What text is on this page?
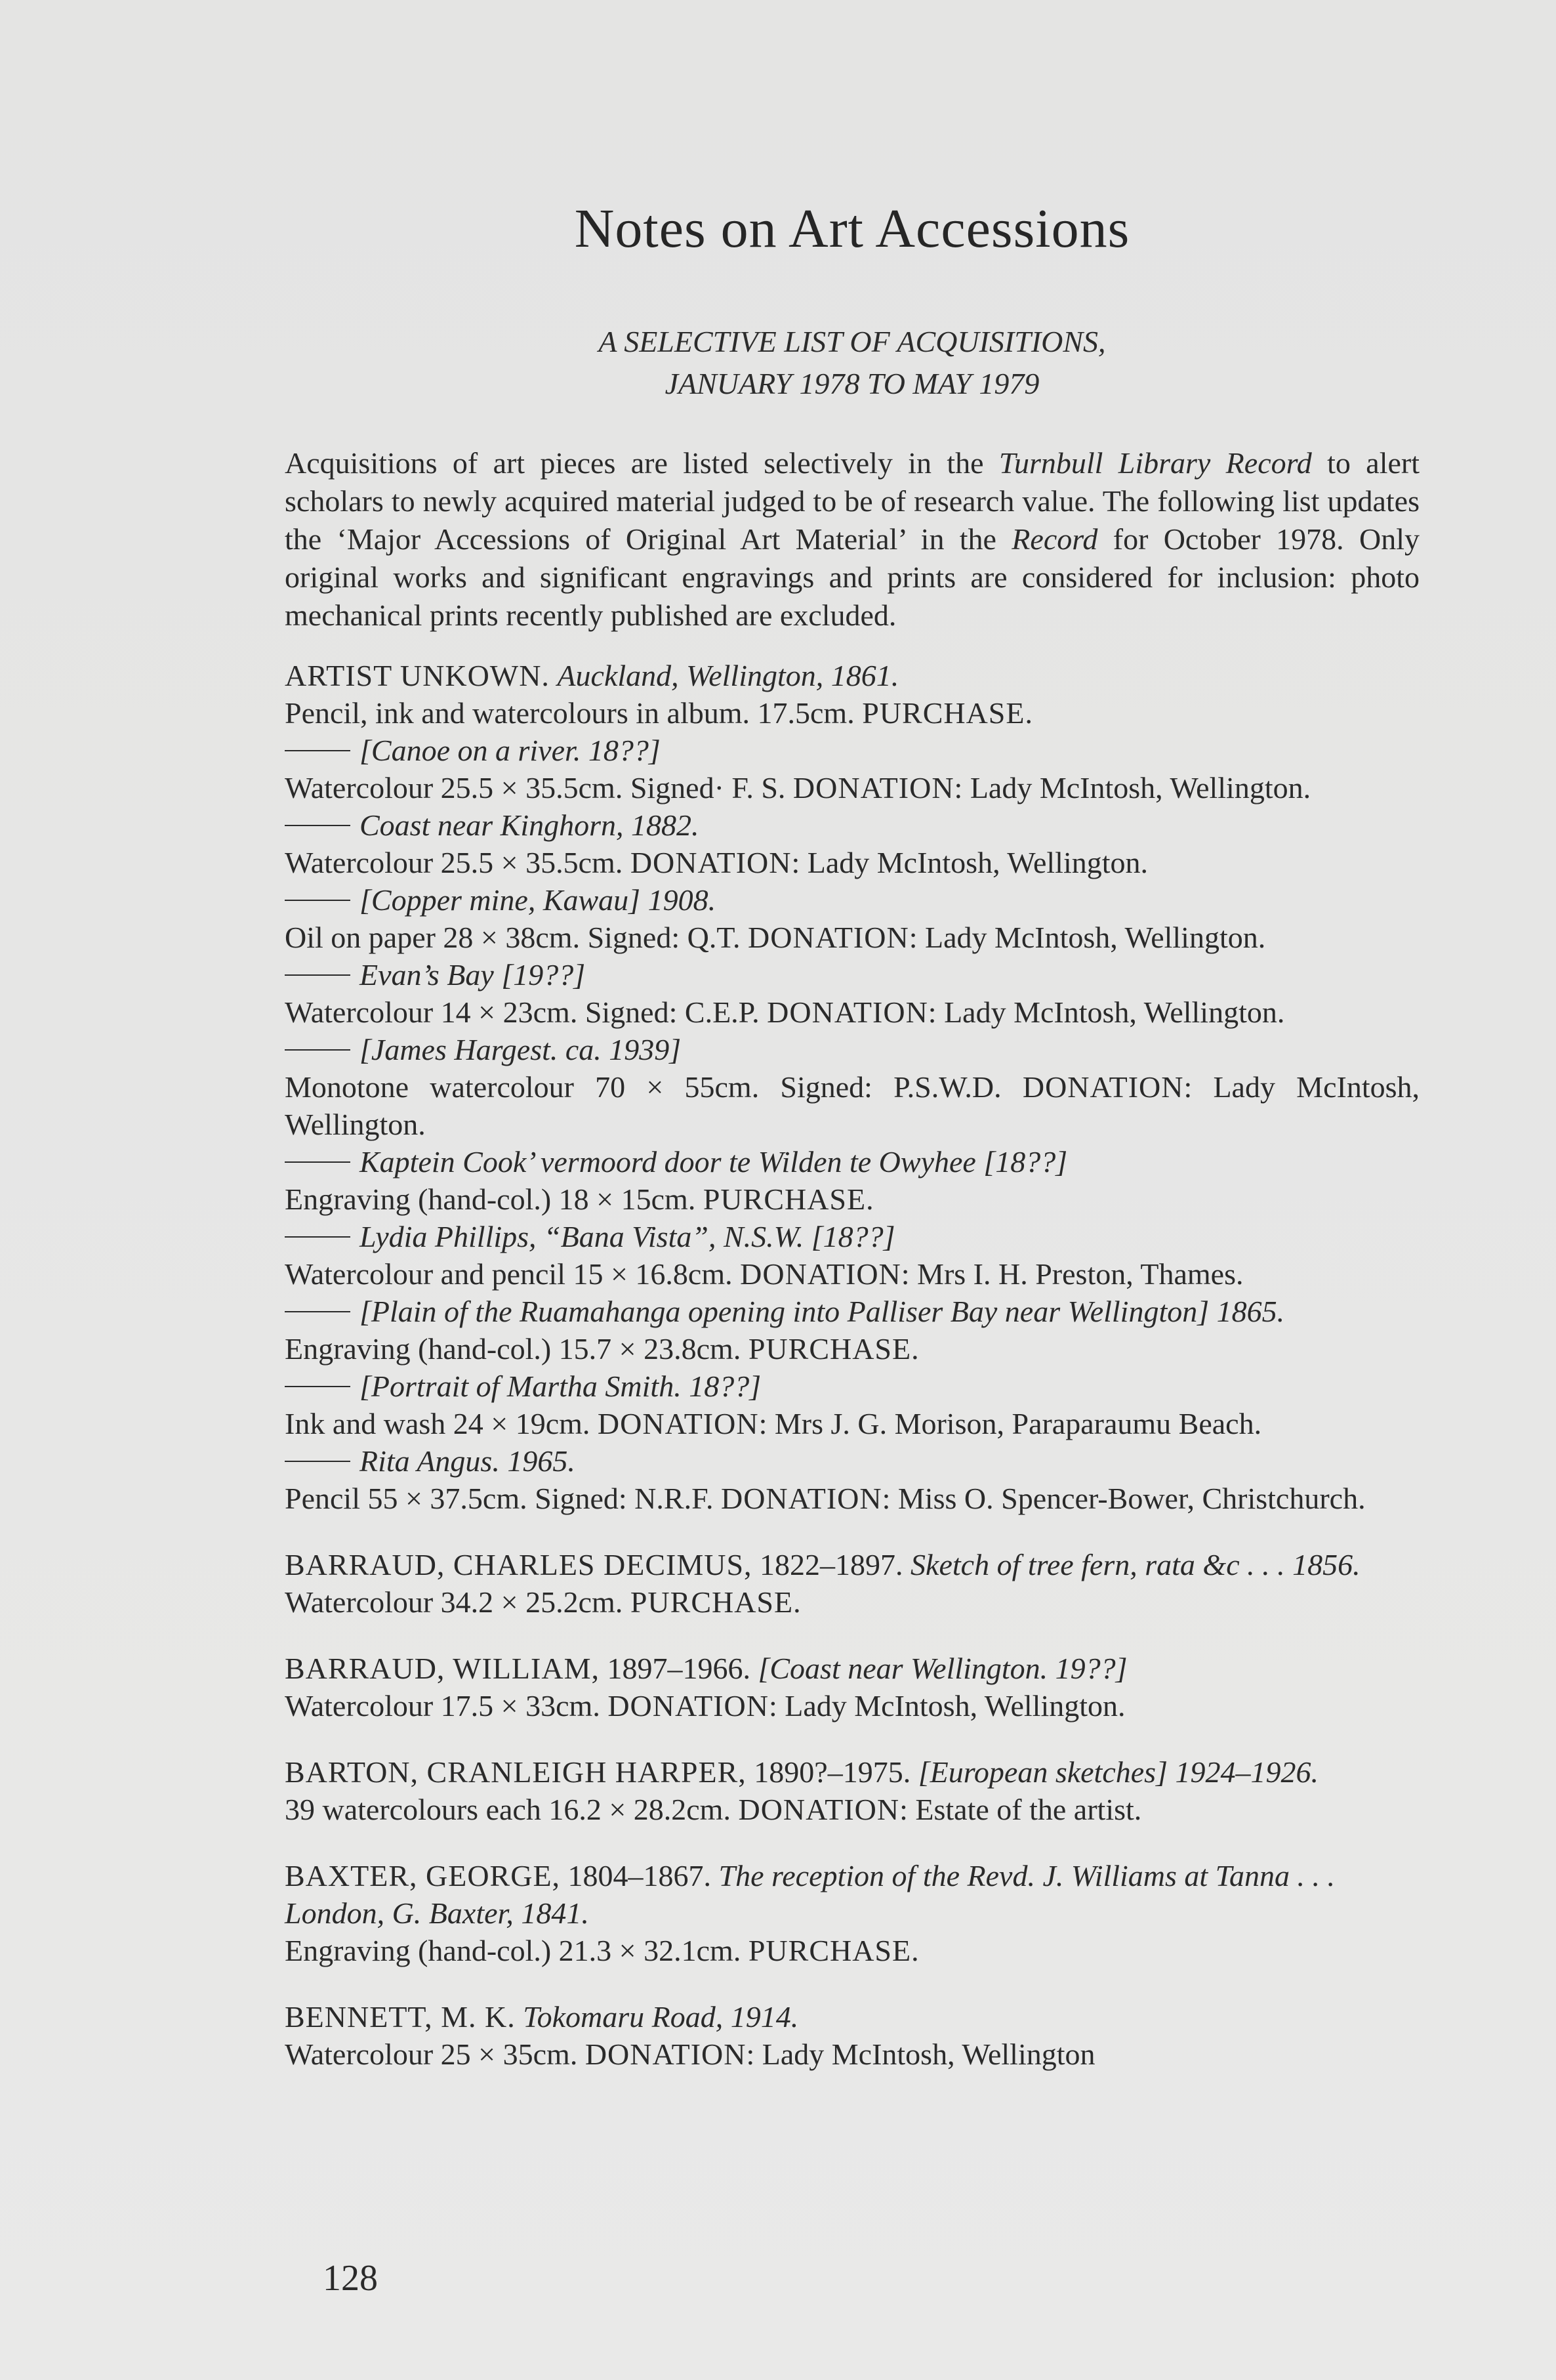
Notes on Art Accessions
A SELECTIVE LIST OF ACQUISITIONS,
JANUARY 1978 TO MAY 1979

Acquisitions of art pieces are listed selectively in the Turnbull Library Record to alert scholars to newly acquired material judged to be of research value. The following list updates the ‘Major Accessions of Original Art Material’ in the Record for October 1978. Only original works and significant engravings and prints are considered for inclusion: photo mechanical prints recently published are excluded.

ARTIST UNKOWN. Auckland, Wellington, 1861.

Pencil, ink and watercolours in album. 17.5cm. PURCHASE.

[Canoe on a river. 18??]

Watercolour 25.5 × 35.5cm. Signed· F. S. DONATION: Lady McIntosh, Wellington.

Coast near Kinghorn, 1882.

Watercolour 25.5 × 35.5cm. DONATION: Lady McIntosh, Wellington.

[Copper mine, Kawau] 1908.

Oil on paper 28 × 38cm. Signed: Q.T. DONATION: Lady McIntosh, Wellington.

Evan’s Bay [19??]

Watercolour 14 × 23cm. Signed: C.E.P. DONATION: Lady McIntosh, Wellington.

[James Hargest. ca. 1939]

Monotone watercolour 70 × 55cm. Signed: P.S.W.D. DONATION: Lady McIntosh, Wellington.

Kaptein Cook’ vermoord door te Wilden te Owyhee [18??]

Engraving (hand-col.) 18 × 15cm. PURCHASE.

Lydia Phillips, “Bana Vista”, N.S.W. [18??]

Watercolour and pencil 15 × 16.8cm. DONATION: Mrs I. H. Preston, Thames.

[Plain of the Ruamahanga opening into Palliser Bay near Wellington] 1865.

Engraving (hand-col.) 15.7 × 23.8cm. PURCHASE.

[Portrait of Martha Smith. 18??]

Ink and wash 24 × 19cm. DONATION: Mrs J. G. Morison, Paraparaumu Beach.

Rita Angus. 1965.

Pencil 55 × 37.5cm. Signed: N.R.F. DONATION: Miss O. Spencer-Bower, Christchurch.

BARRAUD, CHARLES DECIMUS, 1822–1897. Sketch of tree fern, rata &c . . . 1856.

Watercolour 34.2 × 25.2cm. PURCHASE.

BARRAUD, WILLIAM, 1897–1966. [Coast near Wellington. 19??]

Watercolour 17.5 × 33cm. DONATION: Lady McIntosh, Wellington.

BARTON, CRANLEIGH HARPER, 1890?–1975. [European sketches] 1924–1926.

39 watercolours each 16.2 × 28.2cm. DONATION: Estate of the artist.

BAXTER, GEORGE, 1804–1867. The reception of the Revd. J. Williams at Tanna . . .

London, G. Baxter, 1841.

Engraving (hand-col.) 21.3 × 32.1cm. PURCHASE.

BENNETT, M. K. Tokomaru Road, 1914.

Watercolour 25 × 35cm. DONATION: Lady McIntosh, Wellington

128
